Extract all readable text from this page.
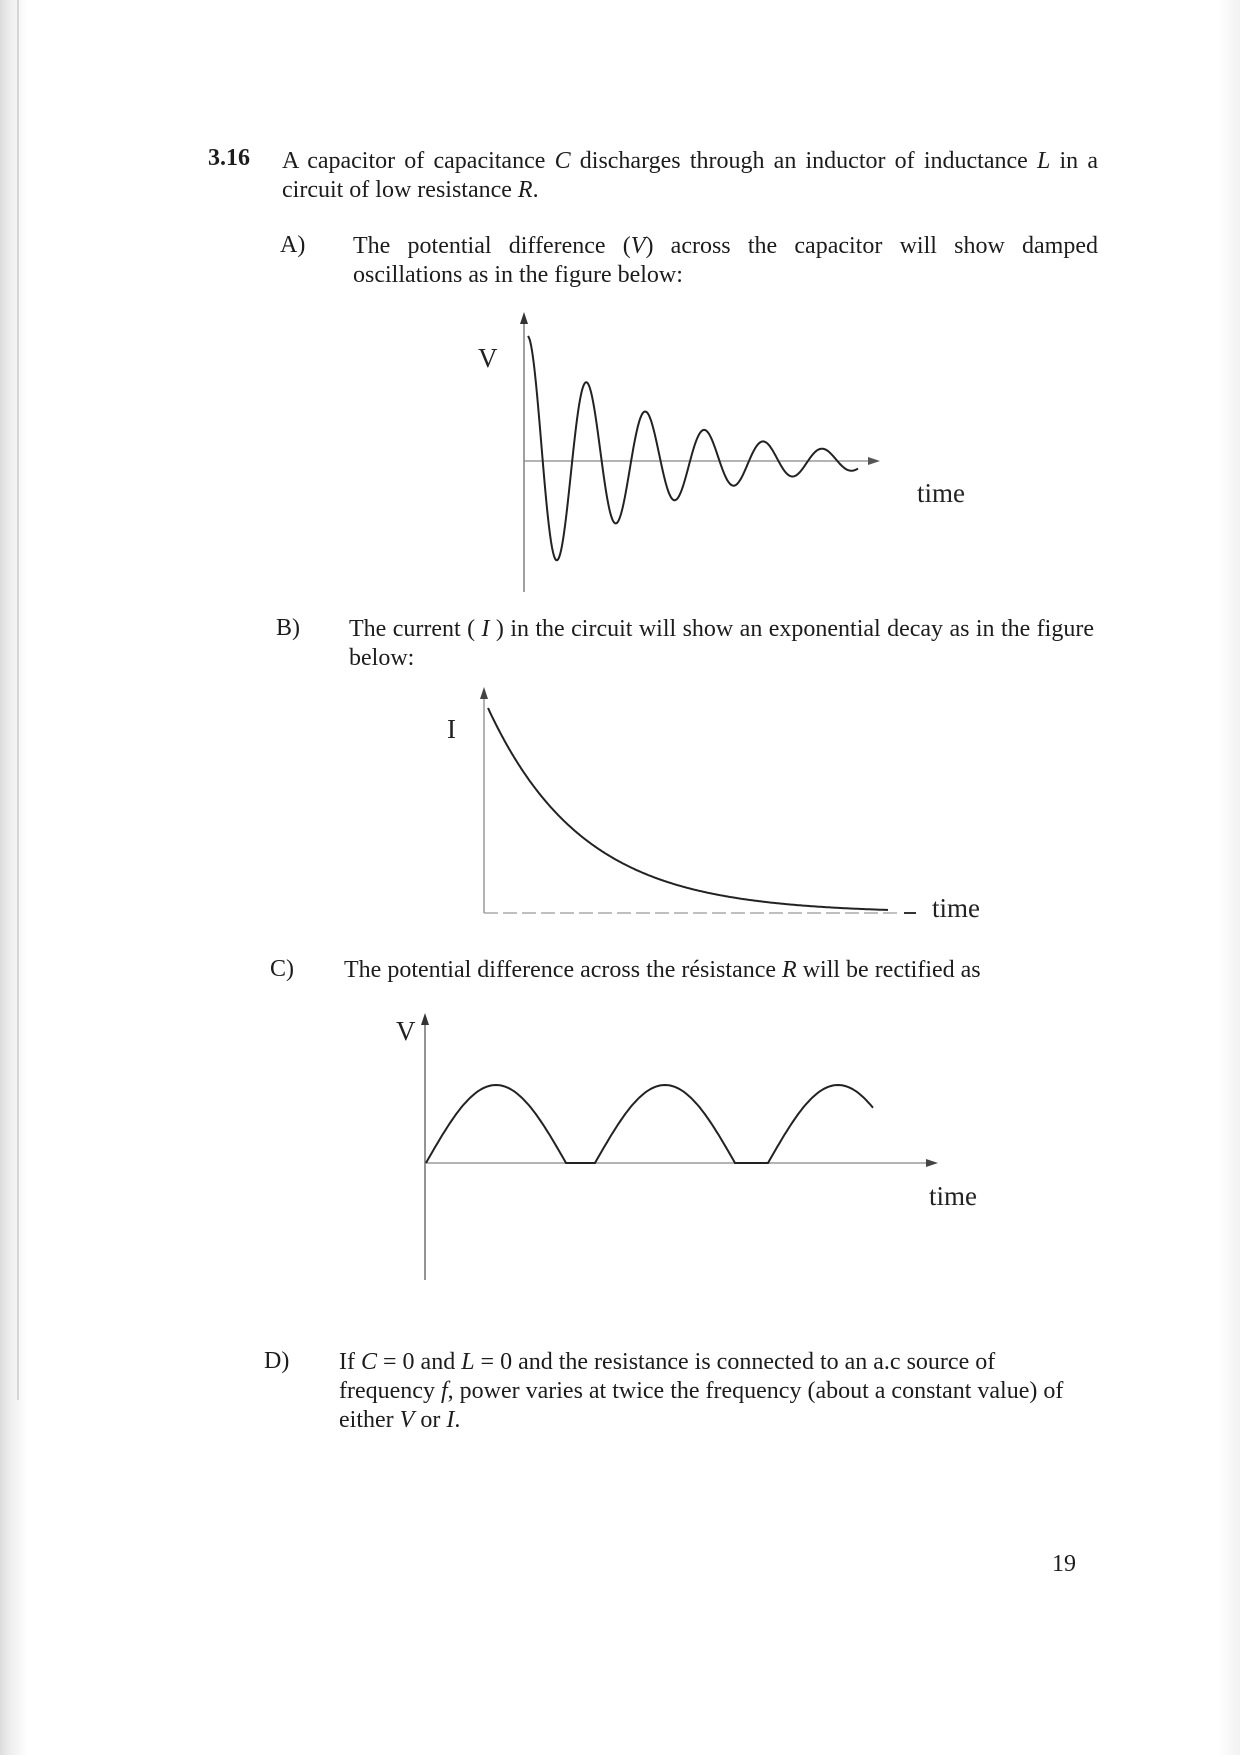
3.16 A capacitor of capacitance C discharges through an inductor of inductance L in a circuit of low resistance R.
A) The potential difference (V) across the capacitor will show damped oscillations as in the figure below:
V
time
B) The current ( I ) in the circuit will show an exponential decay as in the figure below:
I
time
C) The potential difference across the résistance R will be rectified as
V
time
D) If C = 0 and L = 0 and the resistance is connected to an a.c source of frequency f, power varies at twice the frequency (about a constant value) of either V or I.
19
